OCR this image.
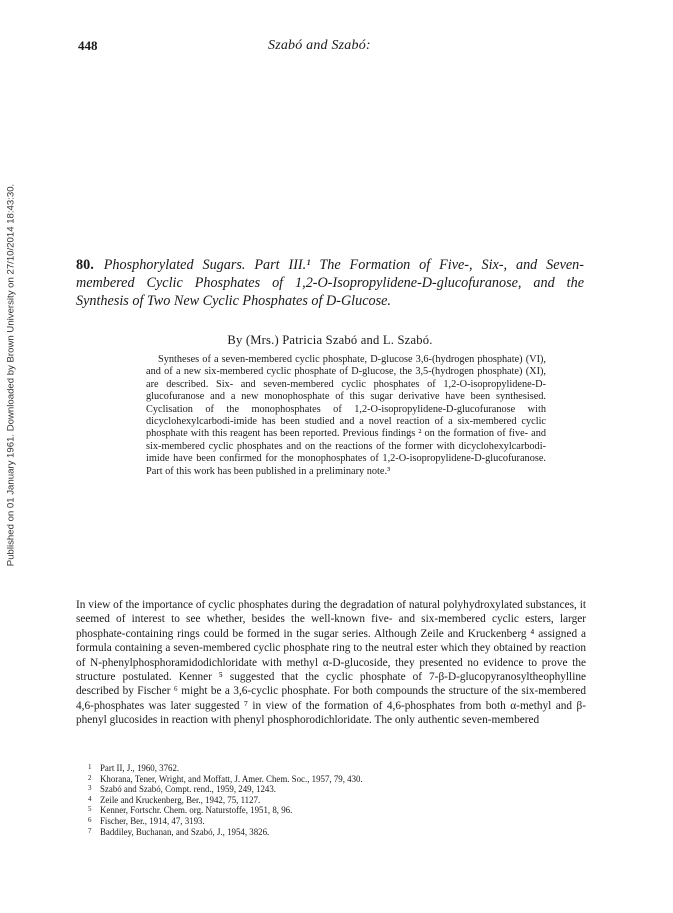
Published on 01 January 1961. Downloaded by Brown University on 27/10/2014 18:43:30.
448	Szabó and Szabó:
80. Phosphorylated Sugars. Part III.¹ The Formation of Five-, Six-, and Seven-membered Cyclic Phosphates of 1,2-O-Isopropylidene-D-glucofuranose, and the Synthesis of Two New Cyclic Phosphates of D-Glucose.
By (Mrs.) Patricia Szabó and L. Szabó.

Syntheses of a seven-membered cyclic phosphate, D-glucose 3,6-(hydrogen phosphate) (VI), and of a new six-membered cyclic phosphate of D-glucose, the 3,5-(hydrogen phosphate) (XI), are described. Six- and seven-membered cyclic phosphates of 1,2-O-isopropylidene-D-glucofuranose and a new monophosphate of this sugar derivative have been synthesised. Cyclisation of the monophosphates of 1,2-O-isopropylidene-D-glucofuranose with dicyclohexylcarbodi-imide has been studied and a novel reaction of a six-membered cyclic phosphate with this reagent has been reported. Previous findings ² on the formation of five- and six-membered cyclic phosphates and on the reactions of the former with dicyclohexylcarbodi-imide have been confirmed for the monophosphates of 1,2-O-isopropylidene-D-glucofuranose. Part of this work has been published in a preliminary note.³

In view of the importance of cyclic phosphates during the degradation of natural polyhydroxylated substances, it seemed of interest to see whether, besides the well-known five- and six-membered cyclic esters, larger phosphate-containing rings could be formed in the sugar series. Although Zeile and Kruckenberg ⁴ assigned a formula containing a seven-membered cyclic phosphate ring to the neutral ester which they obtained by reaction of N-phenylphosphoramidodichloridate with methyl α-D-glucoside, they presented no evidence to prove the structure postulated. Kenner ⁵ suggested that the cyclic phosphate of 7-β-D-glucopyranosyltheophylline described by Fischer ⁶ might be a 3,6-cyclic phosphate. For both compounds the structure of the six-membered 4,6-phosphates was later suggested ⁷ in view of the formation of 4,6-phosphates from both α-methyl and β-phenyl glucosides in reaction with phenyl phosphorodichloridate. The only authentic seven-membered

1 Part II, J., 1960, 3762.
2 Khorana, Tener, Wright, and Moffatt, J. Amer. Chem. Soc., 1957, 79, 430.
3 Szabó and Szabó, Compt. rend., 1959, 249, 1243.
4 Zeile and Kruckenberg, Ber., 1942, 75, 1127.
5 Kenner, Fortschr. Chem. org. Naturstoffe, 1951, 8, 96.
6 Fischer, Ber., 1914, 47, 3193.
7 Baddiley, Buchanan, and Szabó, J., 1954, 3826.
